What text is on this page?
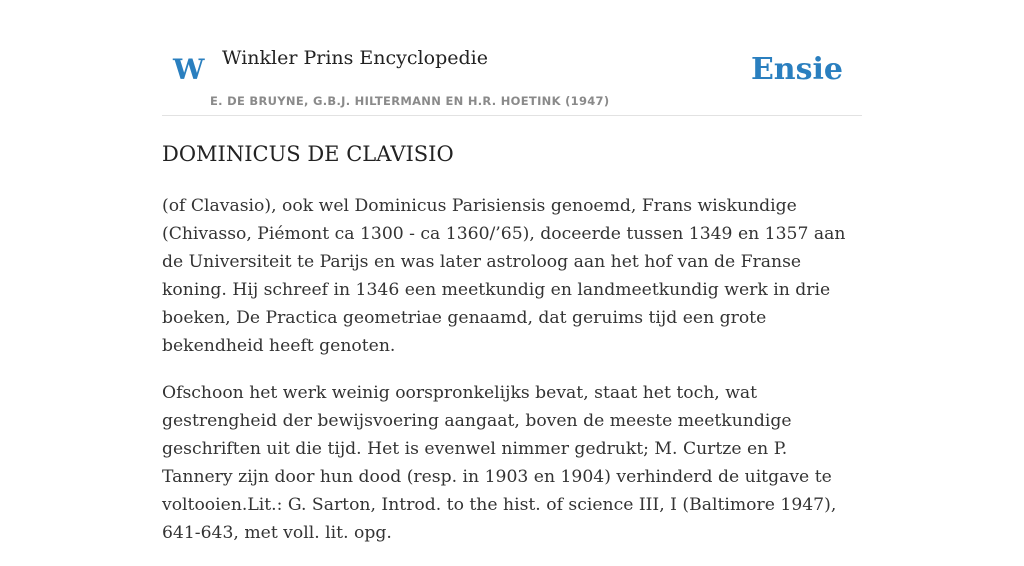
W Winkler Prins Encyclopedie
E. DE BRUYNE, G.B.J. HILTERMANN EN H.R. HOETINK (1947)
Ensie
DOMINICUS DE CLAVISIO

(of Clavasio), ook wel Dominicus Parisiensis genoemd, Frans wiskundige (Chivasso, Piémont ca 1300 - ca 1360/’65), doceerde tussen 1349 en 1357 aan de Universiteit te Parijs en was later astroloog aan het hof van de Franse koning. Hij schreef in 1346 een meetkundig en landmeetkundig werk in drie boeken, De Practica geometriae genaamd, dat geruims tijd een grote bekendheid heeft genoten.

Ofschoon het werk weinig oorspronkelijks bevat, staat het toch, wat gestrengheid der bewijsvoering aangaat, boven de meeste meetkundige geschriften uit die tijd. Het is evenwel nimmer gedrukt; M. Curtze en P. Tannery zijn door hun dood (resp. in 1903 en 1904) verhinderd de uitgave te voltooien.Lit.: G. Sarton, Introd. to the hist. of science III, I (Baltimore 1947), 641-643, met voll. lit. opg.
